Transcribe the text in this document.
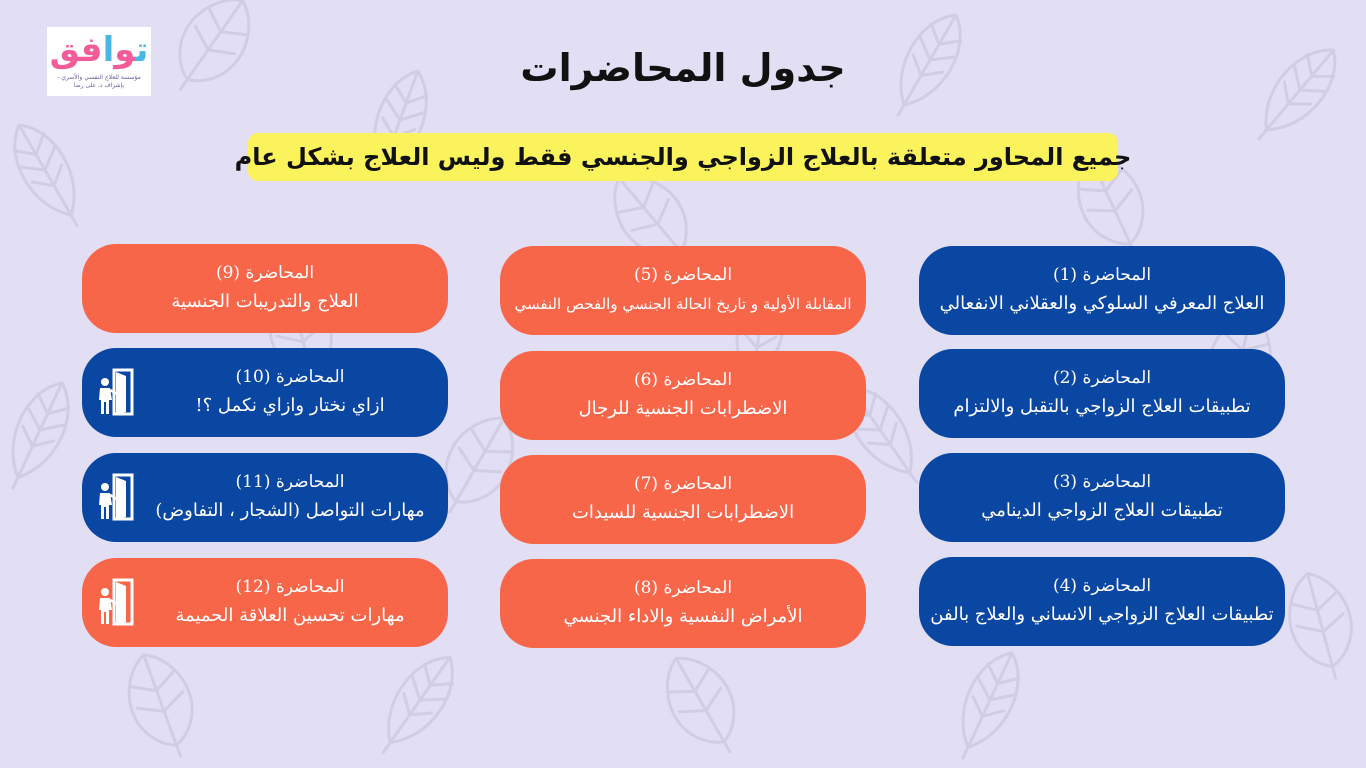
توافق
مؤسسة للعلاج النفسي والأسري - بإشراف د. على رضا	جدول المحاضرات
جميع المحاور متعلقة بالعلاج الزواجي والجنسي فقط وليس العلاج بشكل عام
المحاضرة (1)
العلاج المعرفي السلوكي والعقلاني الانفعالي
المحاضرة (2)
تطبيقات العلاج الزواجي بالتقبل والالتزام
المحاضرة (3)
تطبيقات العلاج الزواجي الدينامي
المحاضرة (4)
تطبيقات العلاج الزواجي الانساني والعلاج بالفن
المحاضرة (5)
المقابلة الأولية و تاريخ الحالة الجنسي والفحص النفسي
المحاضرة (6)
الاضطرابات الجنسية للرجال
المحاضرة (7)
الاضطرابات الجنسية للسيدات
المحاضرة (8)
الأمراض النفسية والاداء الجنسي
المحاضرة (9)
العلاج والتدريبات الجنسية
المحاضرة (10)
ازاي نختار وازاي نكمل ؟!
المحاضرة (11)
مهارات التواصل (الشجار ، التفاوض)
المحاضرة (12)
مهارات تحسين العلاقة الحميمة
